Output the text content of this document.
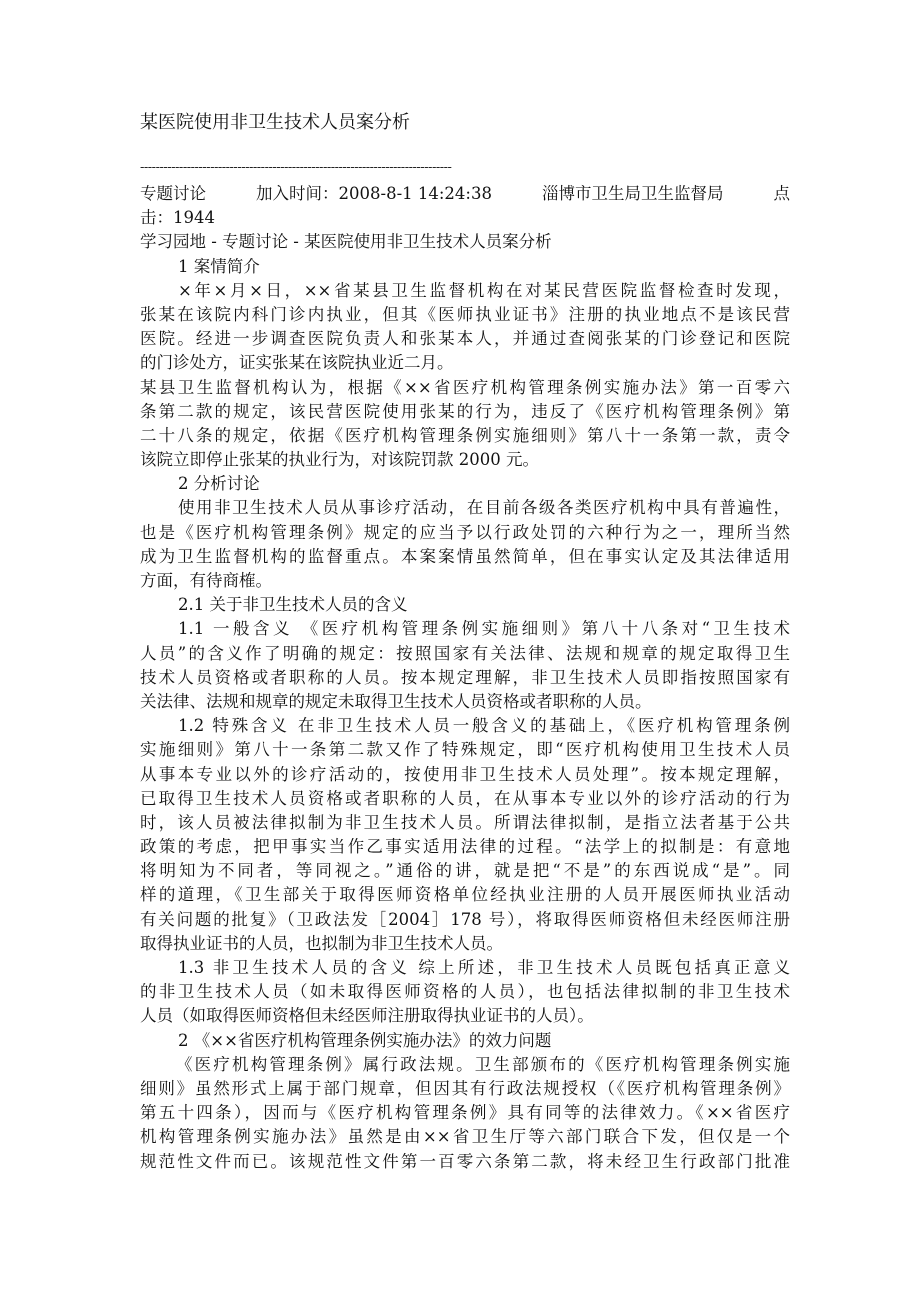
某医院使用非卫生技术人员案分析
--------------------------------------------------------------------------------
专题讨论	加入时间：2008-8-1 14:24:38	淄博市卫生局卫生监督局	点
击：1944
学习园地 - 专题讨论 - 某医院使用非卫生技术人员案分析
1 案情简介
×年×月×日，××省某县卫生监督机构在对某民营医院监督检查时发现，
张某在该院内科门诊内执业，但其《医师执业证书》注册的执业地点不是该民营
医院。经进一步调查医院负责人和张某本人，并通过查阅张某的门诊登记和医院
的门诊处方，证实张某在该院执业近二月。
某县卫生监督机构认为，根据《××省医疗机构管理条例实施办法》第一百零六
条第二款的规定，该民营医院使用张某的行为，违反了《医疗机构管理条例》第
二十八条的规定，依据《医疗机构管理条例实施细则》第八十一条第一款，责令
该院立即停止张某的执业行为，对该院罚款 2000 元。
2 分析讨论
使用非卫生技术人员从事诊疗活动，在目前各级各类医疗机构中具有普遍性，
也是《医疗机构管理条例》规定的应当予以行政处罚的六种行为之一，理所当然
成为卫生监督机构的监督重点。本案案情虽然简单，但在事实认定及其法律适用
方面，有待商榷。
2.1 关于非卫生技术人员的含义
1.1 一般含义 《医疗机构管理条例实施细则》第八十八条对“卫生技术
人员”的含义作了明确的规定：按照国家有关法律、法规和规章的规定取得卫生
技术人员资格或者职称的人员。按本规定理解，非卫生技术人员即指按照国家有
关法律、法规和规章的规定未取得卫生技术人员资格或者职称的人员。
1.2 特殊含义 在非卫生技术人员一般含义的基础上，《医疗机构管理条例
实施细则》第八十一条第二款又作了特殊规定，即“医疗机构使用卫生技术人员
从事本专业以外的诊疗活动的，按使用非卫生技术人员处理”。按本规定理解，
已取得卫生技术人员资格或者职称的人员，在从事本专业以外的诊疗活动的行为
时，该人员被法律拟制为非卫生技术人员。所谓法律拟制，是指立法者基于公共
政策的考虑，把甲事实当作乙事实适用法律的过程。“法学上的拟制是：有意地
将明知为不同者，等同视之。”通俗的讲，就是把“不是”的东西说成“是”。同
样的道理，《卫生部关于取得医师资格单位经执业注册的人员开展医师执业活动
有关问题的批复》（卫政法发［2004］178 号），将取得医师资格但未经医师注册
取得执业证书的人员，也拟制为非卫生技术人员。
1.3 非卫生技术人员的含义 综上所述，非卫生技术人员既包括真正意义
的非卫生技术人员（如未取得医师资格的人员），也包括法律拟制的非卫生技术
人员（如取得医师资格但未经医师注册取得执业证书的人员）。
2 《××省医疗机构管理条例实施办法》的效力问题
《医疗机构管理条例》属行政法规。卫生部颁布的《医疗机构管理条例实施
细则》虽然形式上属于部门规章，但因其有行政法规授权（《医疗机构管理条例》
第五十四条），因而与《医疗机构管理条例》具有同等的法律效力。《××省医疗
机构管理条例实施办法》虽然是由××省卫生厅等六部门联合下发，但仅是一个
规范性文件而已。该规范性文件第一百零六条第二款，将未经卫生行政部门批准
